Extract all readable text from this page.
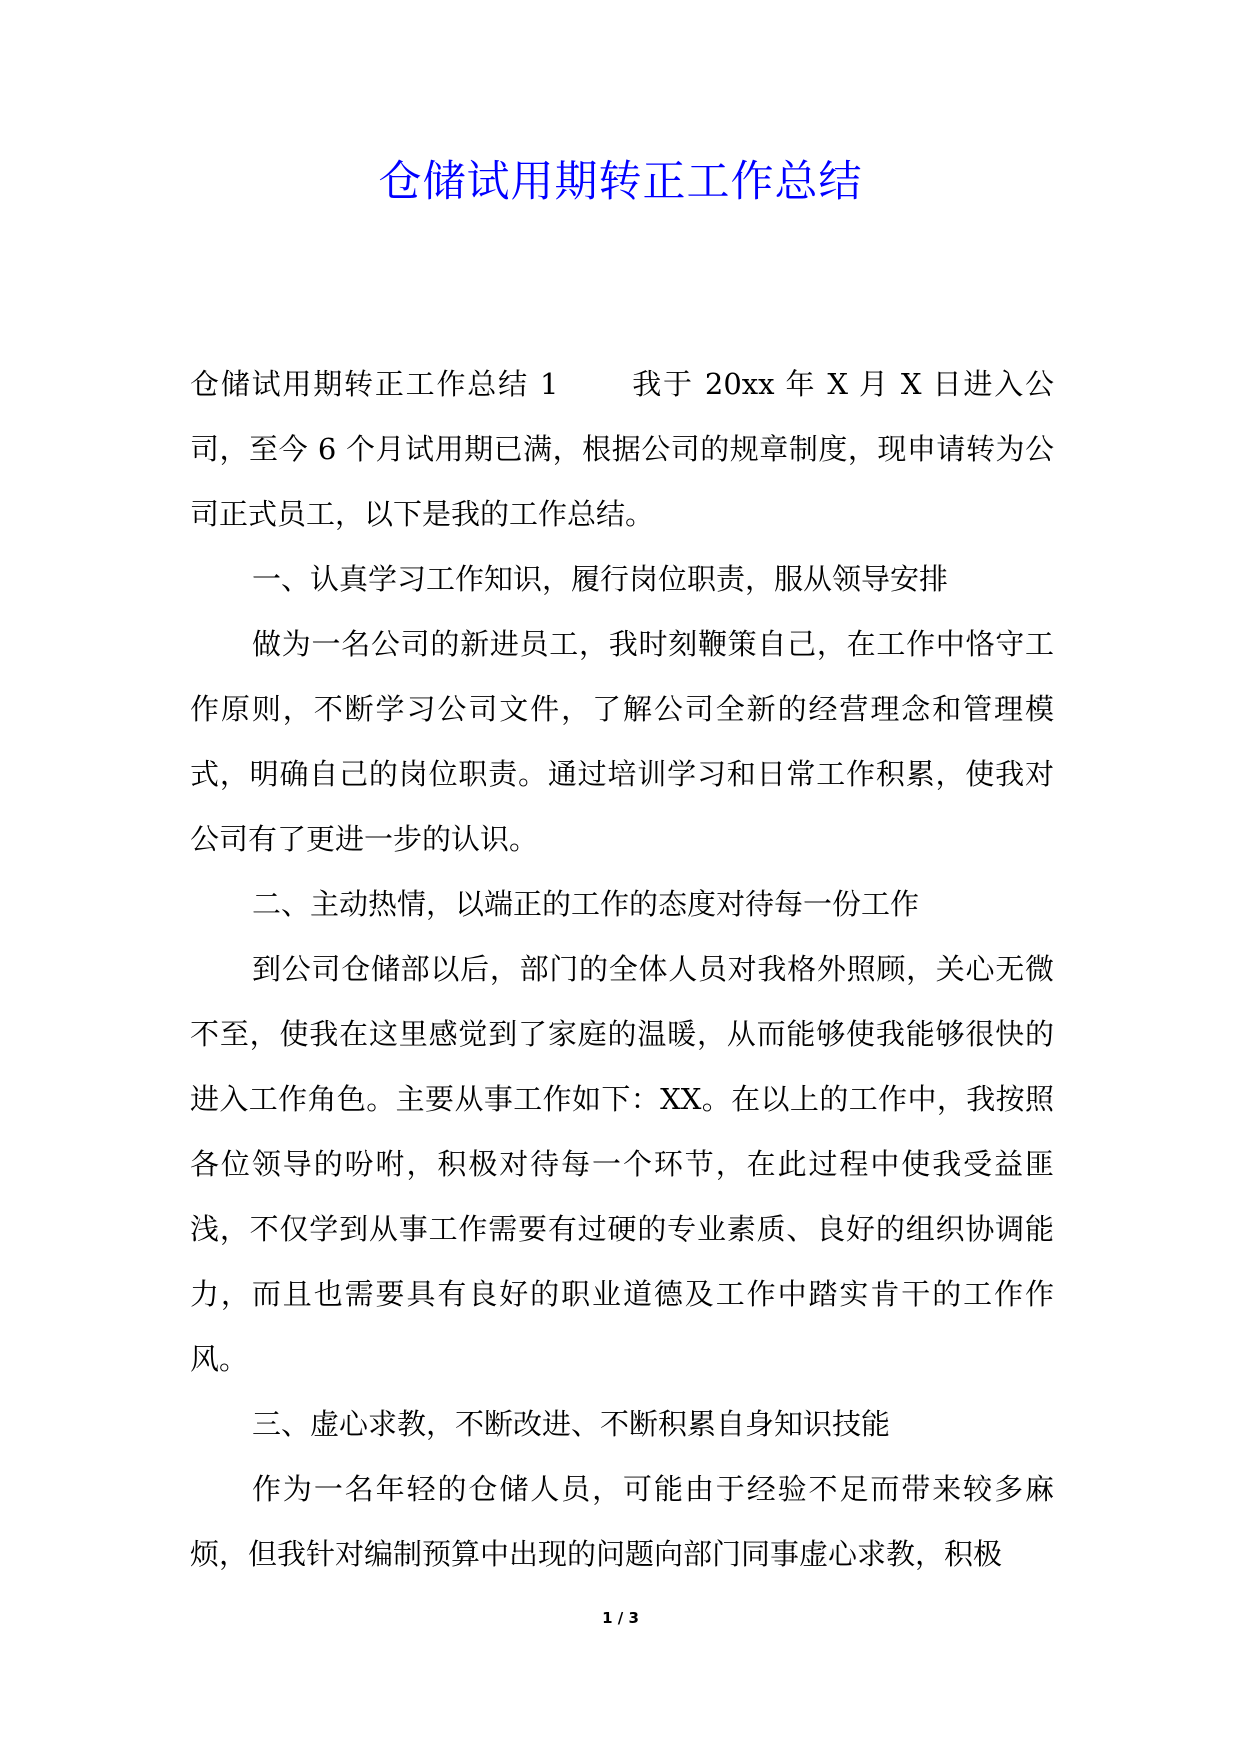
仓储试用期转正工作总结

仓储试用期转正工作总结 1 我于 20xx 年 X 月 X 日进入公司，至今 6 个月试用期已满，根据公司的规章制度，现申请转为公司正式员工，以下是我的工作总结。

一、认真学习工作知识，履行岗位职责，服从领导安排

做为一名公司的新进员工，我时刻鞭策自己，在工作中恪守工作原则，不断学习公司文件，了解公司全新的经营理念和管理模式，明确自己的岗位职责。通过培训学习和日常工作积累，使我对公司有了更进一步的认识。

二、主动热情，以端正的工作的态度对待每一份工作

到公司仓储部以后，部门的全体人员对我格外照顾，关心无微不至，使我在这里感觉到了家庭的温暖，从而能够使我能够很快的进入工作角色。主要从事工作如下：XX。在以上的工作中，我按照各位领导的吩咐，积极对待每一个环节，在此过程中使我受益匪浅，不仅学到从事工作需要有过硬的专业素质、良好的组织协调能力，而且也需要具有良好的职业道德及工作中踏实肯干的工作作风。

三、虚心求教，不断改进、不断积累自身知识技能

作为一名年轻的仓储人员，可能由于经验不足而带来较多麻烦，但我针对编制预算中出现的问题向部门同事虚心求教，积极

1 / 3
